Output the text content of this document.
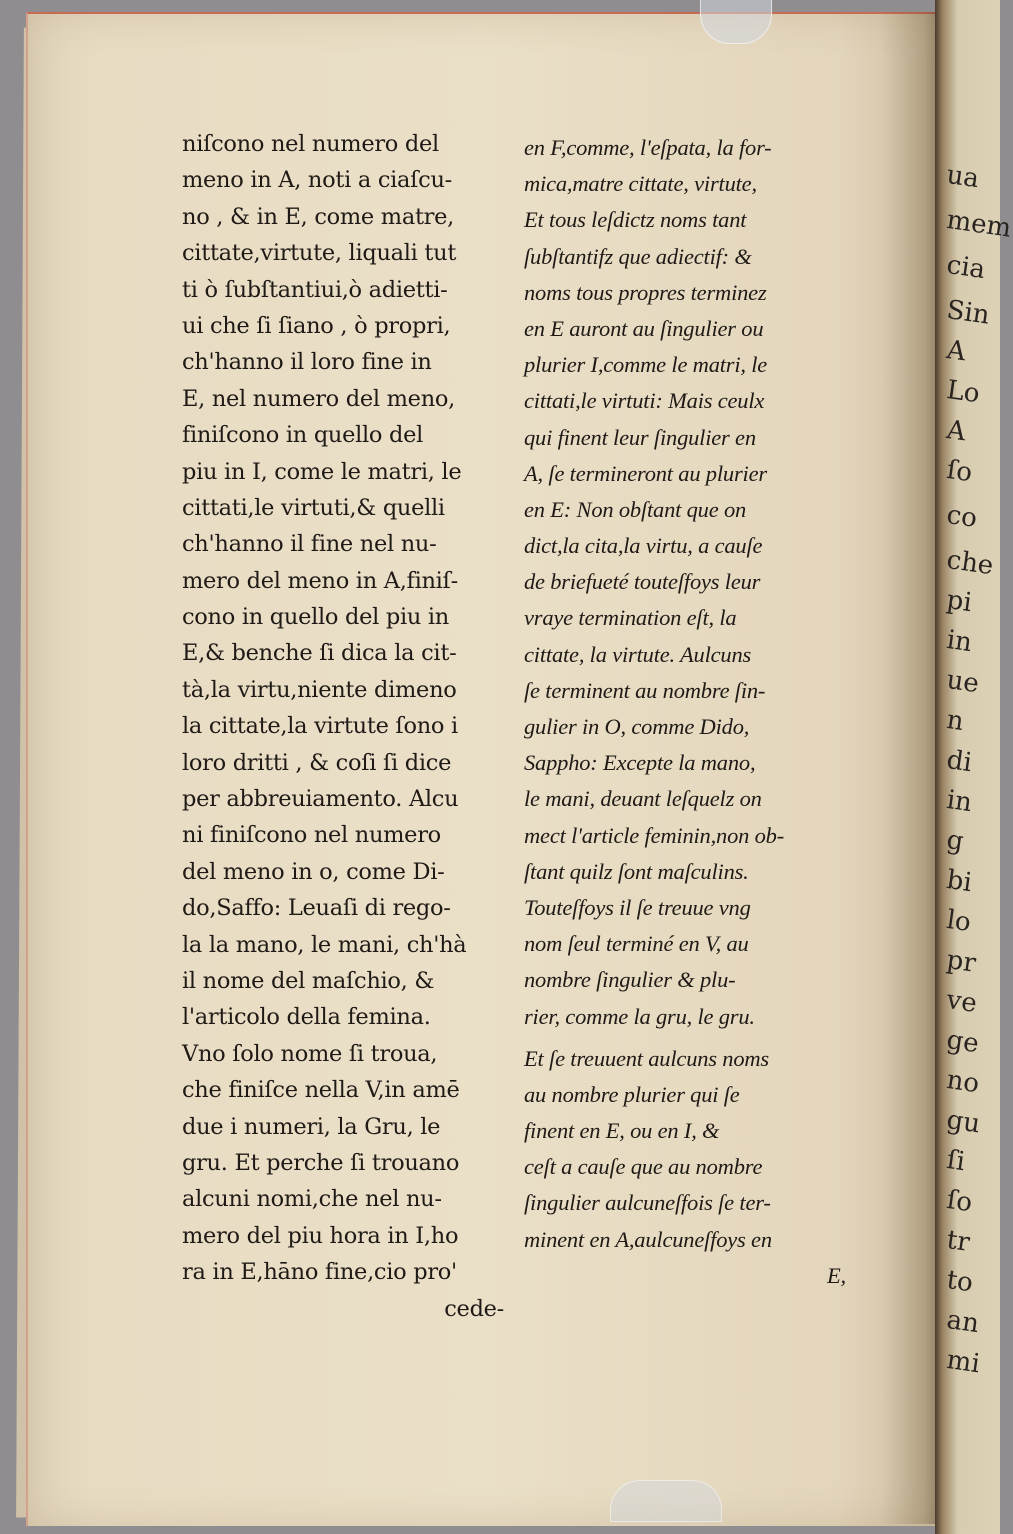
ua
mem
cia
Sin
A
Lo
A
ſo
co
che
pi
in
ue
n
di
in
g
bi
lo
pr
ve
ge
no
gu
ſi
ſo
tr
to
an
mi
niſcono nel numero del
meno in A, noti a ciaſcu-
no , & in E, come matre,
cittate,virtute, liquali tut
ti ò ſubſtantiui,ò adietti-
ui che ſi ſiano , ò propri,
ch'hanno il loro fine in
E, nel numero del meno,
finiſcono in quello del
piu in I, come le matri, le
cittati,le virtuti,& quelli
ch'hanno il fine nel nu-
mero del meno in A,finiſ-
cono in quello del piu in
E,& benche ſi dica la cit-
tà,la virtu,niente dimeno
la cittate,la virtute ſono i
loro dritti , & coſi ſi dice
per abbreuiamento. Alcu
ni finiſcono nel numero
del meno in o, come Di-
do,Saffo: Leuaſi di rego-
la la mano, le mani, ch'hà
il nome del maſchio, &
l'articolo della femina.
Vno ſolo nome ſi troua,
che finiſce nella V,in amē
due i numeri, la Gru, le
gru. Et perche ſi trouano
alcuni nomi,che nel nu-
mero del piu hora in I,ho
ra in E,hāno fine,cio pro'
cede-
en F,comme, l'eſpata, la for-
mica,matre cittate, virtute,
Et tous leſdictz noms tant
ſubſtantifz que adiectif: &
noms tous propres terminez
en E auront au ſingulier ou
plurier I,comme le matri, le
cittati,le virtuti: Mais ceulx
qui finent leur ſingulier en
A, ſe termineront au plurier
en E: Non obſtant que on
dict,la cita,la virtu, a cauſe
de briefueté touteſfoys leur
vraye termination eſt, la
cittate, la virtute. Aulcuns
ſe terminent au nombre ſin-
gulier in O, comme Dido,
Sappho: Excepte la mano,
le mani, deuant leſquelz on
mect l'article feminin,non ob-
ſtant quilz ſont maſculins.
Touteſfoys il ſe treuue vng
nom ſeul terminé en V, au
nombre ſingulier & plu-
rier, comme la gru, le gru.
Et ſe treuuent aulcuns noms
au nombre plurier qui ſe
finent en E, ou en I, &
ceſt a cauſe que au nombre
ſingulier aulcuneſfois ſe ter-
minent en A,aulcuneſfoys en
E,
